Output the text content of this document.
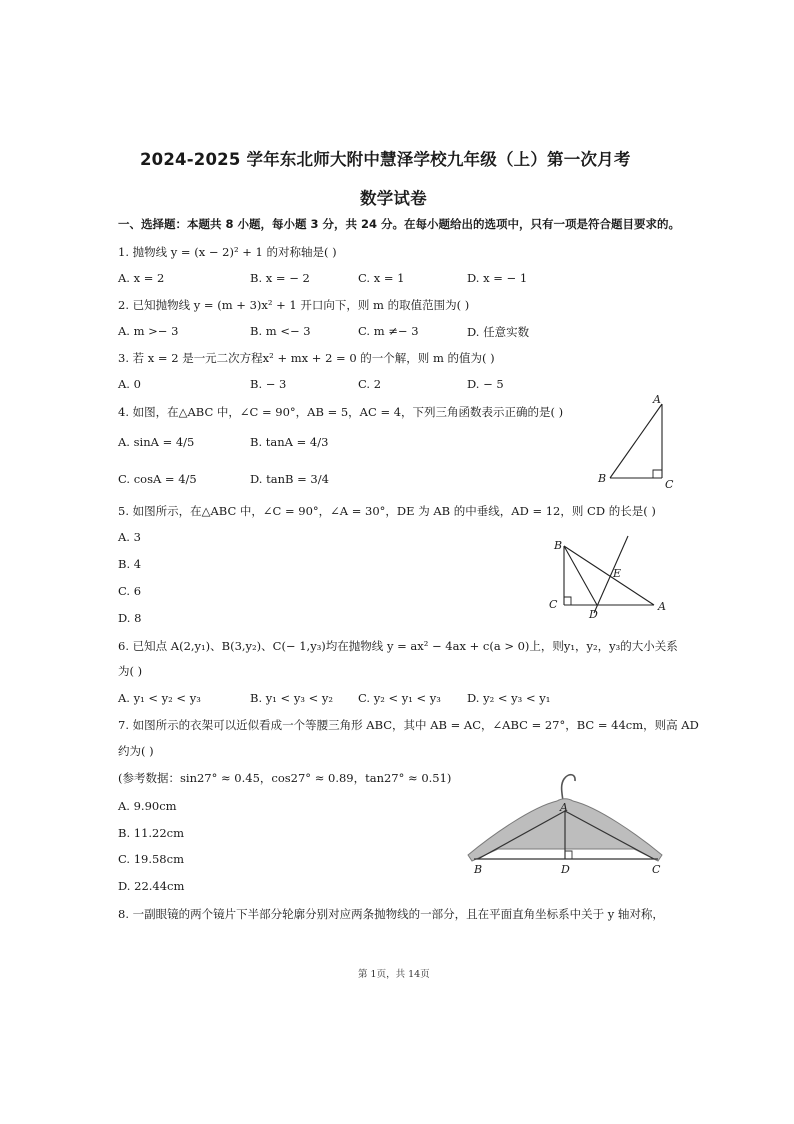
2024-2025 学年东北师大附中慧泽学校九年级（上）第一次月考
数学试卷
一、选择题：本题共 8 小题，每小题 3 分，共 24 分。在每小题给出的选项中，只有一项是符合题目要求的。
1. 抛物线 y = (x − 2)² + 1 的对称轴是( )
A. x = 2	B. x = − 2	C. x = 1	D. x = − 1
2. 已知抛物线 y = (m + 3)x² + 1 开口向下，则 m 的取值范围为( )
A. m >− 3	B. m <− 3	C. m ≠− 3	D. 任意实数
3. 若 x = 2 是一元二次方程x² + mx + 2 = 0 的一个解，则 m 的值为( )
A. 0	B. − 3	C. 2	D. − 5
4. 如图，在△ABC 中，∠C = 90°，AB = 5，AC = 4，下列三角函数表示正确的是( )
A. sinA = 4/5	B. tanA = 4/3
C. cosA = 4/5	D. tanB = 3/4
A
B	C
5. 如图所示，在△ABC 中，∠C = 90°，∠A = 30°，DE 为 AB 的中垂线，AD = 12，则 CD 的长是( )
A. 3
B. 4
C. 6
D. 8
B
E
C
D
A
6. 已知点 A(2,y₁)、B(3,y₂)、C(− 1,y₃)均在抛物线 y = ax² − 4ax + c(a > 0)上，则y₁，y₂，y₃的大小关系
为( )
A. y₁ < y₂ < y₃	B. y₁ < y₃ < y₂ C. y₂ < y₁ < y₃ D. y₂ < y₃ < y₁
7. 如图所示的衣架可以近似看成一个等腰三角形 ABC，其中 AB = AC，∠ABC = 27°，BC = 44cm，则高 AD
约为( )
(参考数据：sin27° ≈ 0.45，cos27° ≈ 0.89，tan27° ≈ 0.51)
A. 9.90cm
B. 11.22cm
C. 19.58cm
D. 22.44cm
A
B	D	C
8. 一副眼镜的两个镜片下半部分轮廓分别对应两条抛物线的一部分，且在平面直角坐标系中关于 y 轴对称，
第 1页，共 14页
